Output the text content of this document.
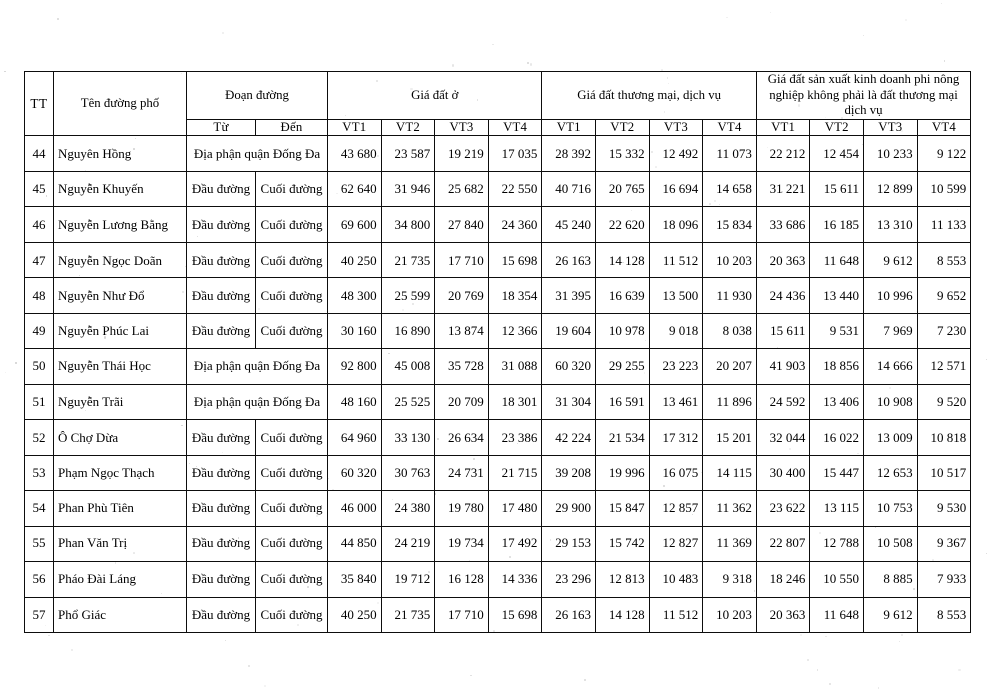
TT	Tên đường phố	Đoạn đường		Giá đất ở				Giá đất thương mại, dịch vụ				Giá đất sản xuất kinh doanh phi nông nghiệp không phải là đất thương mại dịch vụ			
		Từ	Đến	VT1	VT2	VT3	VT4	VT1	VT2	VT3	VT4	VT1	VT2	VT3	VT4
44	Nguyên Hồng	Địa phận quận Đống Đa		43 680	23 587	19 219	17 035	28 392	15 332	12 492	11 073	22 212	12 454	10 233	9 122
45	Nguyễn Khuyến	Đầu đường	Cuối đường	62 640	31 946	25 682	22 550	40 716	20 765	16 694	14 658	31 221	15 611	12 899	10 599
46	Nguyễn Lương Bằng	Đầu đường	Cuối đường	69 600	34 800	27 840	24 360	45 240	22 620	18 096	15 834	33 686	16 185	13 310	11 133
47	Nguyễn Ngọc Doãn	Đầu đường	Cuối đường	40 250	21 735	17 710	15 698	26 163	14 128	11 512	10 203	20 363	11 648	9 612	8 553
48	Nguyễn Như Đổ	Đầu đường	Cuối đường	48 300	25 599	20 769	18 354	31 395	16 639	13 500	11 930	24 436	13 440	10 996	9 652
49	Nguyễn Phúc Lai	Đầu đường	Cuối đường	30 160	16 890	13 874	12 366	19 604	10 978	9 018	8 038	15 611	9 531	7 969	7 230
50	Nguyễn Thái Học	Địa phận quận Đống Đa		92 800	45 008	35 728	31 088	60 320	29 255	23 223	20 207	41 903	18 856	14 666	12 571
51	Nguyễn Trãi	Địa phận quận Đống Đa		48 160	25 525	20 709	18 301	31 304	16 591	13 461	11 896	24 592	13 406	10 908	9 520
52	Ô Chợ Dừa	Đầu đường	Cuối đường	64 960	33 130	26 634	23 386	42 224	21 534	17 312	15 201	32 044	16 022	13 009	10 818
53	Phạm Ngọc Thạch	Đầu đường	Cuối đường	60 320	30 763	24 731	21 715	39 208	19 996	16 075	14 115	30 400	15 447	12 653	10 517
54	Phan Phù Tiên	Đầu đường	Cuối đường	46 000	24 380	19 780	17 480	29 900	15 847	12 857	11 362	23 622	13 115	10 753	9 530
55	Phan Văn Trị	Đầu đường	Cuối đường	44 850	24 219	19 734	17 492	29 153	15 742	12 827	11 369	22 807	12 788	10 508	9 367
56	Pháo Đài Láng	Đầu đường	Cuối đường	35 840	19 712	16 128	14 336	23 296	12 813	10 483	9 318	18 246	10 550	8 885	7 933
57	Phổ Giác	Đầu đường	Cuối đường	40 250	21 735	17 710	15 698	26 163	14 128	11 512	10 203	20 363	11 648	9 612	8 553
